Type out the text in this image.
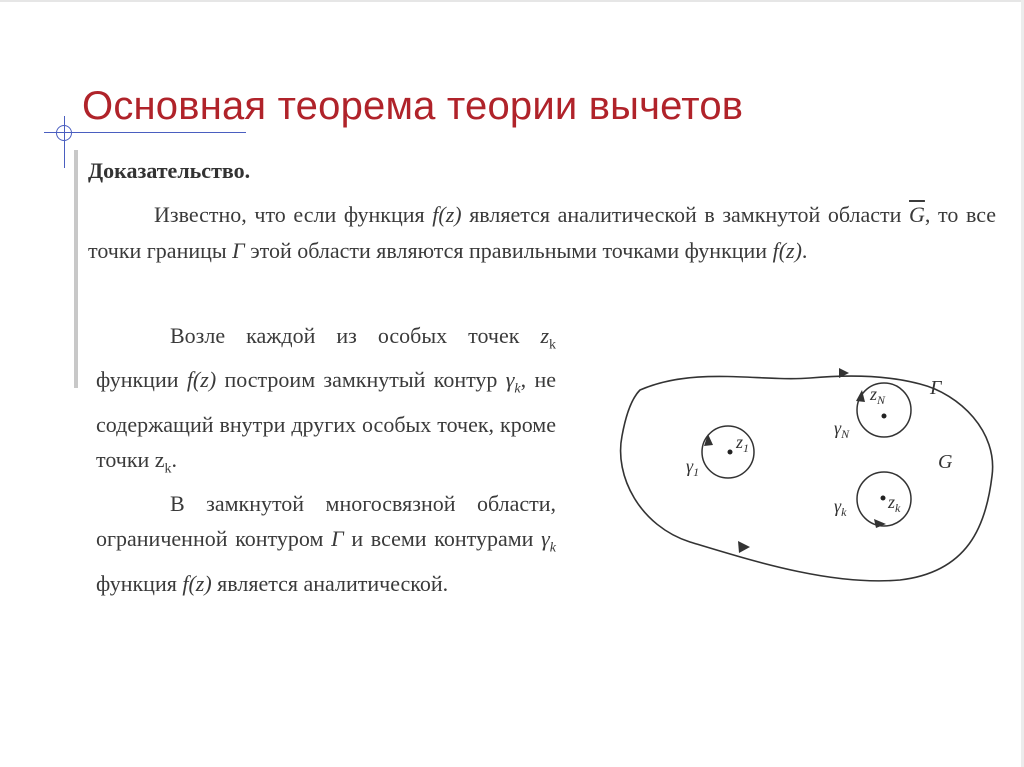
Основная теорема теории вычетов
Доказательство.
Известно, что если функция f(z) является аналитической в замкнутой области $\overline{G}$, то все точки границы Г этой области являются правильными точками функции f(z).

Возле каждой из особых точек $z_k$ функции f(z) построим замкнутый контур $\gamma_k$, не содержащий внутри других особых точек, кроме точки $z_k$.

В замкнутой многосвязной области, ограниченной контуром Г и всеми контурами $\gamma_k$ функция f(z) является аналитической.

Г
G
$\gamma_1$
$z_1$
$\gamma_N$
$z_N$
$\gamma_k$ $z_k$
